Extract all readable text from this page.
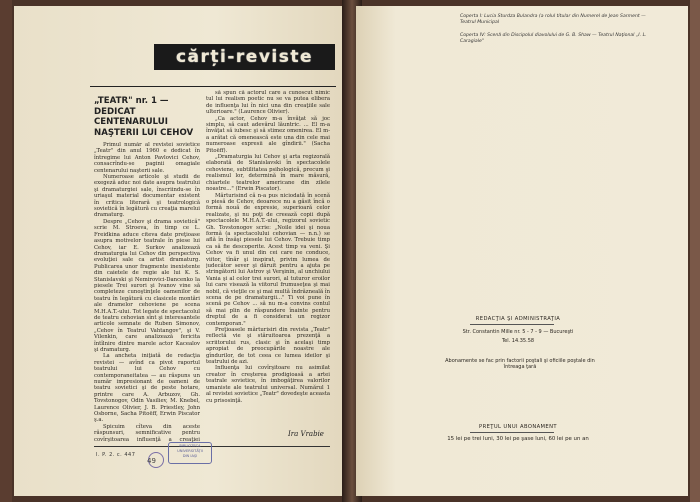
cărți-reviste
„TEATR" nr. 1 — DEDICAT CENTENARULUI NAŞTERII LUI CEHOV

Primul număr al revistei sovietice „Teatr" din anul 1960 e dedicat în întregime lui Anton Pavlovici Cehov, consacrîndu-se paginii omagiale centenarului naşterii sale.

Numeroase articole şi studii de exegeză aduc noi date asupra teatrului şi dramaturgiei sale, înscriindu-se în uriaşul material documentar existent în critica literară şi teatrologică sovietică în legătură cu creaţia marelui dramaturg.

Despre „Cehov şi drama sovietică" scrie M. Stroeva, în timp ce L. Freidkina aduce citeva date preţioase asupra motivelor teatrale în piese lui Cehov, iar E. Surkov analizează dramaturgia lui Cehov din perspectiva evoluţiei sale ca artist dramaturg. Publicarea unor fragmente inexistente din caietele de regie ale lui K. S. Stanislavski şi Nemirovici-Dancenko la piesele Trei surori şi Ivanov vine să completeze cunoştinţele oamenilor de teatru în legătură cu clasicele montări ale dramelor cehoviene pe scena M.H.A.T.-ului. Tot legate de spectacolul de teatru cehovian sînt şi interesantele articole semnate de Ruben Simonov, „Cehov în Teatrul Vahtangov", şi V. Vilenkin, care analizează fericita întîlnire dintre marele actor Kacealov şi dramaturg.

La ancheta iniţiată de redacţia revistei — avînd ca pivot raportul teatrului lui Cehov cu contemporaneitatea — au răspuns un număr impresionant de oameni de teatru sovietici şi de peste hotare, printre care A. Arbuzov, Gh. Tovstonogov, Odin Vasiliev, M. Knebel, Laurence Olivier, J. B. Priestley, John Osborne, Sacha Pitoëff, Erwin Piscator ş.a.

Spicuim cîteva din aceste răspunsuri, semnificative pentru covîrşitoarea influenţă a creaţiei

să spun că actorul care a cunoscut nimic tul lui realism poetic nu se va putea elibera de influenţa lui în nici una din creaţiile sale ulterioare." (Laurence Olivier).

„Ca actor, Cehov m-a învăţat să joc simplu, să caut adevărul lăuntric. ... El m-a învăţat să iubesc şi să stimez omenirea. El m-a arătat că omenească este una din cele mai numeroase expresii ale gîndirii." (Sacha Pitoëff).

„Dramaturgia lui Cehov şi arta regizorală elaborată de Stanislavski în spectacolele cehoviene, subtilitatea psihologică, precum şi realismul lor, determină în mare măsură, chiartele teatrelor americane din zilele noastre..." (Erwin Piscator).

Mărturisind că n-a pus niciodată în scenă o piesă de Cehov, deoarece nu a găsit încă o formă nouă de expresie, superioară celor realizate, şi nu poţi de creează copii după spectacolele M.H.A.T.-ului, regizorul sovietic Gh. Tovstonogov scrie: „Noile idei şi noua formă (a spectacolului cehovian — n.n.) se află în însăşi piesele lui Cehov. Trebuie timp ca să fie descoperite. Acest timp va veni. Şi Cehov va fi unul din cei care ne conduce, viitor, tînăr şi inspirat, privim lumea de judecător sever şi dăruit pentru a ajuta pe stringătorii lui Astrov şi Verşinin, al unchiului Vania şi al celor trei surori, al tuturor eroilor lui care visează la viitorul frumuseţea şi mai nobil, că vieţile ce şi mai multă îndrăzneală în scena de pe dramaturgii..." Ti voi pune în scenă pe Cehov ... să nu m-a convins contul să mai plin de răspundere înainte pentru dreptul de a fi considerat un regizor contemporan."

Preţioasele mărturisiri din revista „Teatr" reflectă vie şi stăruitoarea prezenţă a scriitorului rus, clasic şi în acelaşi timp apropiat de preocupările noastre ale gîndurilor, de tot ceea ce lumea ideilor şi teatrului de azi.

Influenţa lui covîrşitoare nu asimilat creator în creşterea prodigioasă a artei teatrale sovietice, în imbogăţirea valorilor umaniste ale teatrului universal. Numărul 1 al revistei sovietice „Teatr" dovedeşte aceasta cu prisosinţă.

Ira Vrabie
I. P. 2. c. 447
49
BIBLIOTECA
UNIVERSITĂŢII
DIN IAŞI
Coperta I: Lucia Sturdza Bulandra (a rolul titular din Numerel de Jean Sarment — Teatrul Municipal
Coperta IV: Scenă din Discipolul diavolului de G. B. Shaw — Teatrul Naţional „I. L. Caragiale"
REDACŢIA ŞI ADMINISTRAŢIA
Str. Constantin Mille nr. 5 - 7 - 9 — Bucureşti
Tel. 14.35.58
Abonamente se fac prin factorii poştali şi oficiile poştale din întreaga ţară
PREŢUL UNUI ABONAMENT
15 lei pe trei luni, 30 lei pe şase luni, 60 lei pe un an
